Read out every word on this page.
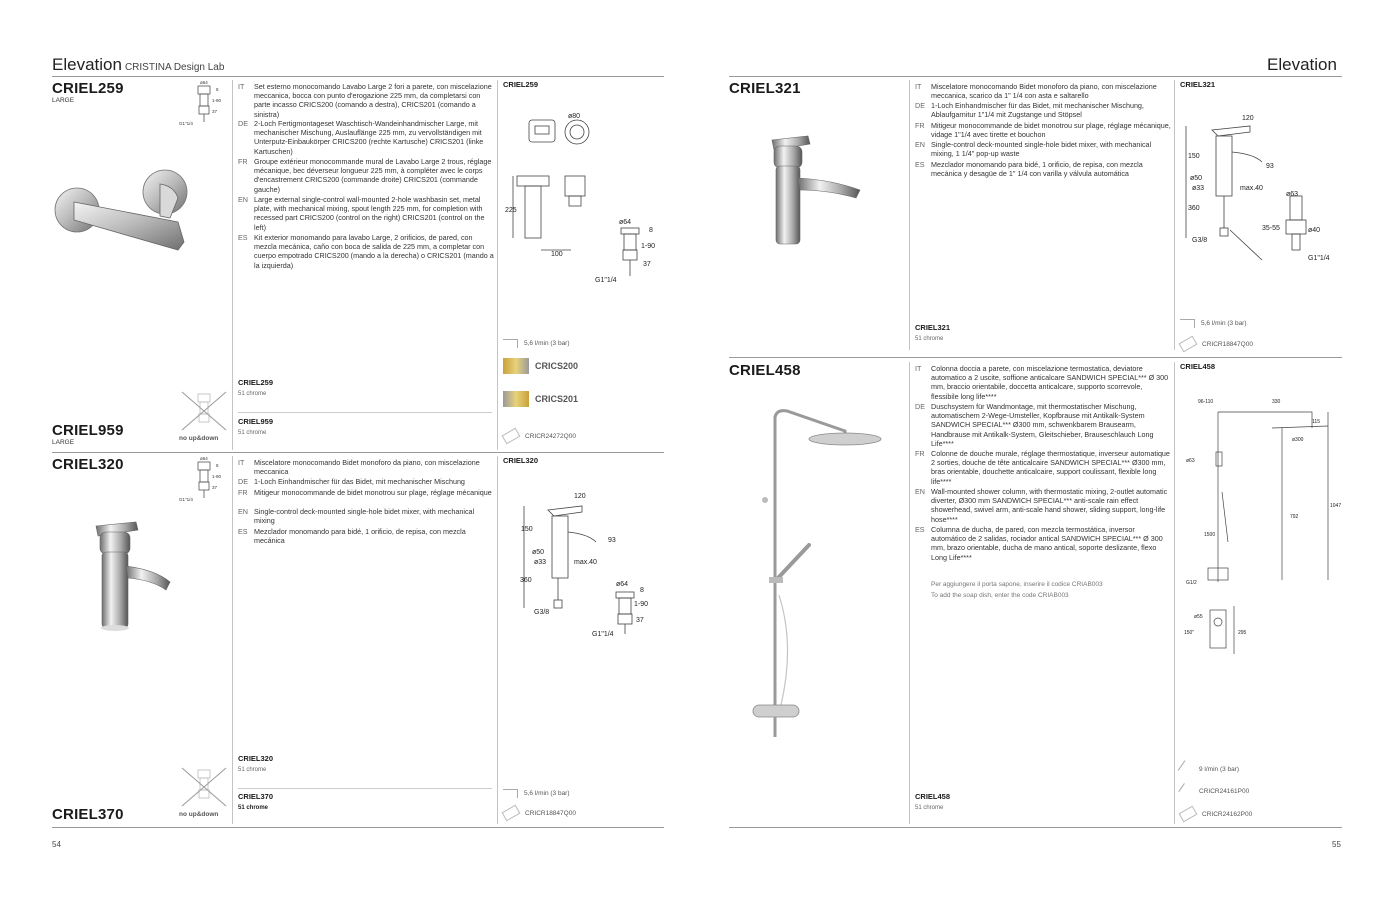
Elevation CRISTINA Design Lab
CRIEL259
LARGE
ø64
8
1-90
37
G1"1/4
IT	Set esterno monocomando Lavabo Large 2 fori a parete, con miscelazione meccanica, bocca con punto d'erogazione 225 mm, da completarsi con parte incasso CRICS200 (comando a destra), CRICS201 (comando a sinistra)
DE 2-Loch Fertigmontageset Waschtisch-Wandeinhandmischer Large, mit mechanischer Mischung, Auslauflänge 225 mm, zu vervollständigen mit Unterputz-Einbaukörper CRICS200 (rechte Kartusche) CRICS201 (linke Kartuschen)
FR Groupe extérieur monocommande mural de Lavabo Large 2 trous, réglage mécanique, bec déverseur longueur 225 mm, à compléter avec le corps d'encastrement CRICS200 (commande droite) CRICS201 (commande gauche)
EN Large external single-control wall-mounted 2-hole washbasin set, metal plate, with mechanical mixing, spout length 225 mm, for completion with recessed part CRICS200 (control on the right) CRICS201 (control on the left)
ES Kit exterior monomando para lavabo Large, 2 orificios, de pared, con mezcla mecánica, caño con boca de salida de 225 mm, a completar con cuerpo empotrado CRICS200 (mando a la derecha) o CRICS201 (mando a la izquierda)
CRIEL259
51 chrome
CRIEL959
51 chrome
CRIEL259
ø80
225
100
ø64
8
1-90
37
G1"1/4
5,6 l/min (3 bar)
CRICS200
CRICS201
CRICR24272Q00
CRIEL959
LARGE
no up&down
CRIEL320	ø64
8
1-90
37
G1"1/4
IT	Miscelatore monocomando Bidet monoforo da piano, con miscelazione meccanica
DE 1-Loch Einhandmischer für das Bidet, mit mechanischer Mischung
FR Mitigeur monocommande de bidet monotrou sur plage, réglage mécanique
EN Single-control deck-mounted single-hole bidet mixer, with mechanical mixing
ES Mezclador monomando para bidé, 1 orificio, de repisa, con mezcla mecánica
CRIEL320
51 chrome
CRIEL370
51 chrome
CRIEL320
120
150
93
ø50
ø33	max.40
360
G3/8
ø64
8
1-90
37
G1"1/4
5,6 l/min (3 bar)
CRICR18847Q00
CRIEL370	no up&down
54
Elevation
CRIEL321	IT	Miscelatore monocomando Bidet monoforo da piano, con miscelazione meccanica, scarico da 1" 1/4 con asta e saltarello
DE 1-Loch Einhandmischer für das Bidet, mit mechanischer Mischung, Ablaufgarnitur 1"1/4 mit Zugstange und Stöpsel
FR Mitigeur monocommande de bidet monotrou sur plage, réglage mécanique, vidage 1"1/4 avec tirette et bouchon
EN Single-control deck-mounted single-hole bidet mixer, with mechanical mixing, 1 1/4" pop-up waste
ES Mezclador monomando para bidé, 1 orificio, de repisa, con mezcla mecánica y desagüe de 1" 1/4 con varilla y válvula automática
CRIEL321
51 chrome
CRIEL321
120
150
93
ø50
ø33	max.40
360
G3/8
ø63
35-55	ø40
G1"1/4
5,6 l/min (3 bar)
CRICR18847Q00
CRIEL458	IT	Colonna doccia a parete, con miscelazione termostatica, deviatore automatico a 2 uscite, soffione anticalcare SANDWICH SPECIAL*** Ø 300 mm, braccio orientabile, doccetta anticalcare, supporto scorrevole, flessibile long life****
DE Duschsystem für Wandmontage, mit thermostatischer Mischung, automatischem 2-Wege-Umsteller, Kopfbrause mit Antikalk-System SANDWICH SPECIAL*** Ø300 mm, schwenkbarem Brausearm, Handbrause mit Antikalk-System, Gleitschieber, Brauseschlauch Long Life****
FR Colonne de douche murale, réglage thermostatique, inverseur automatique 2 sorties, douche de tête anticalcaire SANDWICH SPECIAL*** Ø300 mm, bras orientable, douchette anticalcaire, support coulissant, flexible long life****
EN Wall-mounted shower column, with thermostatic mixing, 2-outlet automatic diverter, Ø300 mm SANDWICH SPECIAL*** anti-scale rain effect showerhead, swivel arm, anti-scale hand shower, sliding support, long-life hose****
ES Columna de ducha, de pared, con mezcla termostática, inversor automático de 2 salidas, rociador antical SANDWICH SPECIAL*** Ø 300 mm, brazo orientable, ducha de mano antical, soporte deslizante, flexo Long Life****
Per aggiungere il porta sapone, inserire il codice CRIAB003
To add the soap dish, enter the code CRIAB003
CRIEL458
51 chrome
CRIEL458
96-110	330
115
ø300
ø63
792
1047
1500
G1/2
ø55
150"	295
9 l/min (3 bar)
CRICR24161P00
CRICR24162P00
55
